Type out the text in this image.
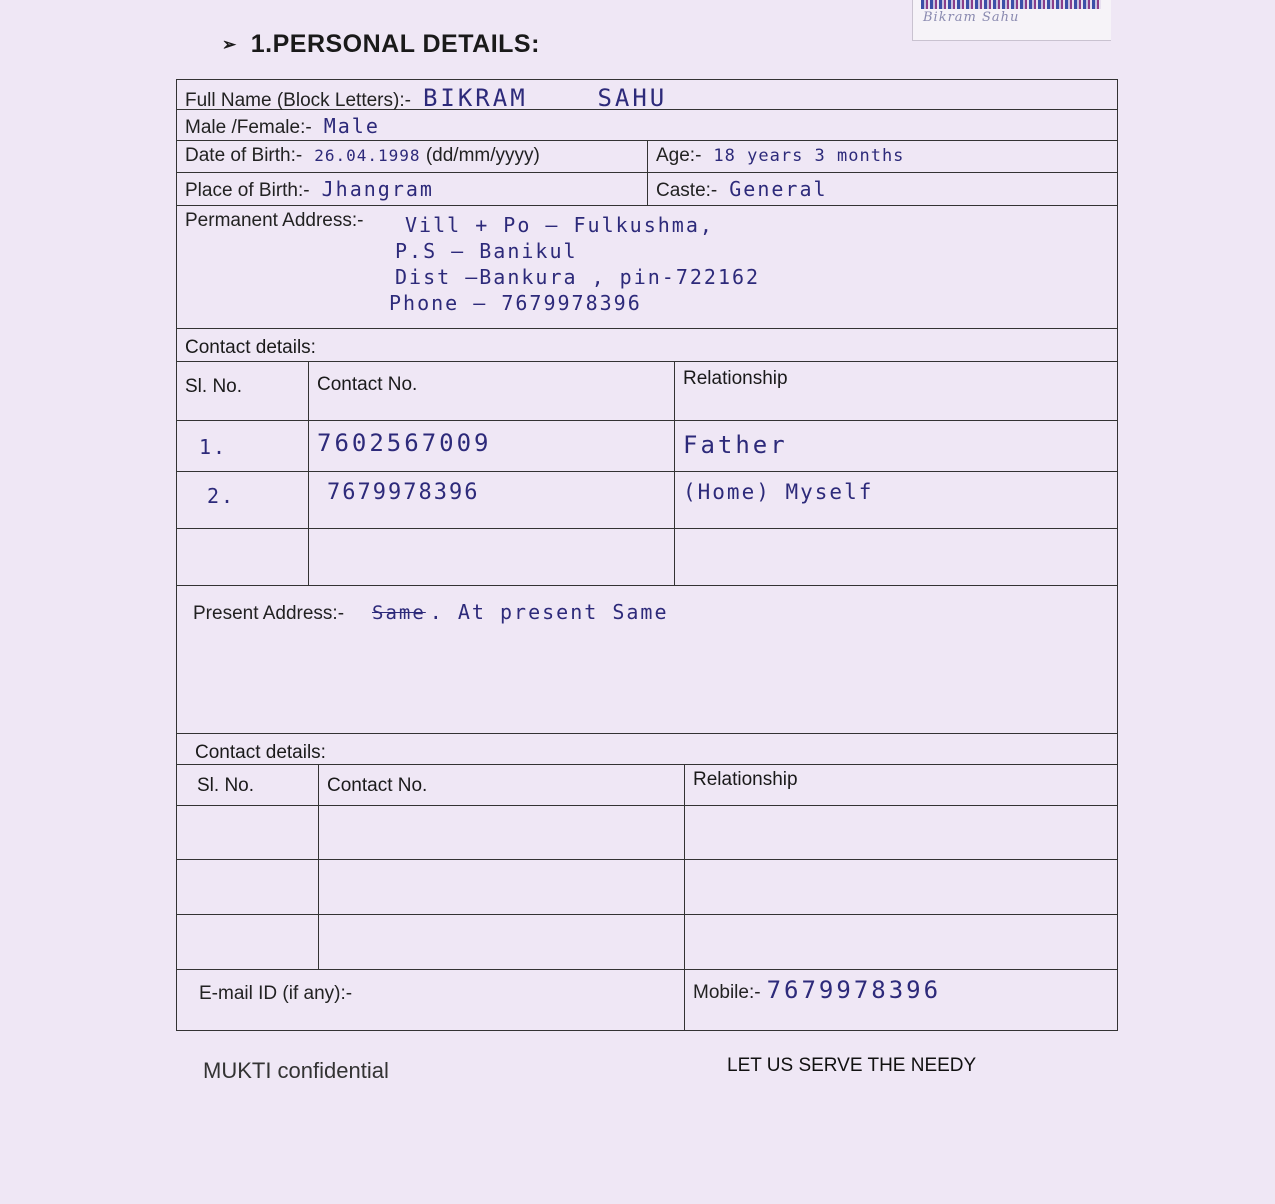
Bikram Sahu
➢ 1.PERSONAL DETAILS:
Full Name (Block Letters):- BIKRAM    SAHU
Male /Female:- Male
Date of Birth:- 26.04.1998 (dd/mm/yyyy)	Age:- 18 years 3 months
Place of Birth:- Jhangram	Caste:- General
Permanent Address:- Vill + Po – Fulkushma,
P.S – Banikul
Dist –Bankura , pin-722162
Phone – 7679978396
Contact details:
Sl. No.	Contact No.	Relationship
1.	7602567009	Father
2.	7679978396	(Home) Myself
Present Address:- Same . At present Same
Contact details:
Sl. No.	Contact No.	Relationship
E-mail ID (if any):-	Mobile:- 7679978396
MUKTI confidential	LET US SERVE THE NEEDY
